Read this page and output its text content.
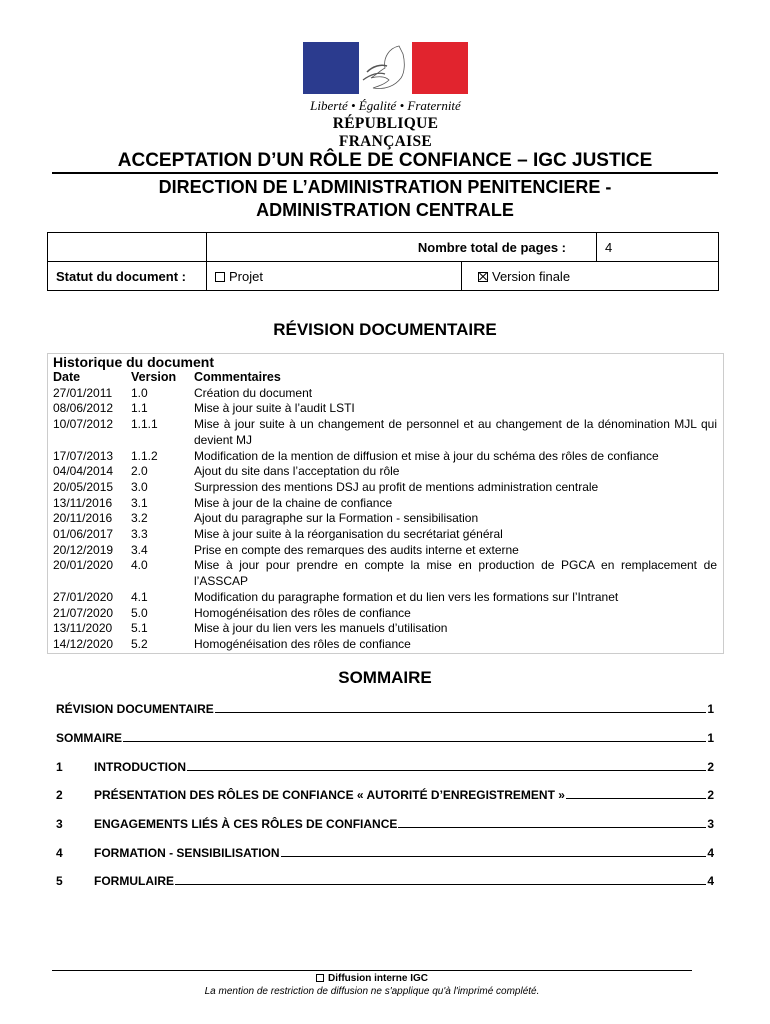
Liberté • Égalité • Fraternité
RÉPUBLIQUE FRANÇAISE
ACCEPTATION D’UN RÔLE DE CONFIANCE – IGC JUSTICE
DIRECTION DE L’ADMINISTRATION PENITENCIERE -
ADMINISTRATION CENTRALE
	Nombre total de pages :		4
Statut du document :	Projet	Version finale	
RÉVISION DOCUMENTAIRE
Historique du document
Date	Version	Commentaires
27/01/2011	1.0	Création du document
08/06/2012	1.1	Mise à jour suite à l’audit LSTI
10/07/2012	1.1.1	Mise à jour suite à un changement de personnel et au changement de la dénomination MJL qui devient MJ
17/07/2013	1.1.2	Modification de la mention de diffusion et mise à jour du schéma des rôles de confiance
04/04/2014	2.0	Ajout du site dans l’acceptation du rôle
20/05/2015	3.0	Surpression des mentions DSJ au profit de mentions administration centrale
13/11/2016	3.1	Mise à jour de la chaine de confiance
20/11/2016	3.2	Ajout du paragraphe sur la Formation - sensibilisation
01/06/2017	3.3	Mise à jour suite à la réorganisation du secrétariat général
20/12/2019	3.4	Prise en compte des remarques des audits interne et externe
20/01/2020	4.0	Mise à jour pour prendre en compte la mise en production de PGCA en remplacement de l’ASSCAP
27/01/2020	4.1	Modification du paragraphe formation et du lien vers les formations sur l’Intranet
21/07/2020	5.0	Homogénéisation des rôles de confiance
13/11/2020	5.1	Mise à jour du lien vers les manuels d’utilisation
14/12/2020	5.2	Homogénéisation des rôles de confiance
SOMMAIRE
RÉVISION DOCUMENTAIRE	1
SOMMAIRE	1
1	INTRODUCTION	2
2	PRÉSENTATION DES RÔLES DE CONFIANCE « AUTORITÉ D’ENREGISTREMENT »	2
3	ENGAGEMENTS LIÉS À CES RÔLES DE CONFIANCE	3
4	FORMATION - SENSIBILISATION	4
5	FORMULAIRE	4
Diffusion interne IGC
La mention de restriction de diffusion ne s'applique qu'à l'imprimé complété.
